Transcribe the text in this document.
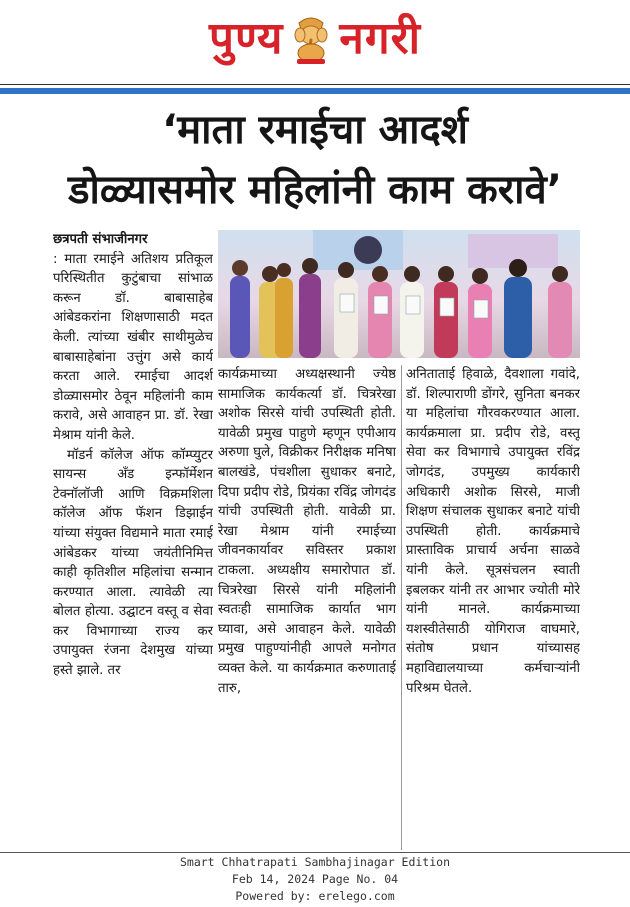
पुण्य नगरी
‘माता रमाईचा आदर्श
डोळ्यासमोर महिलांनी काम करावे’

छत्रपती संभाजीनगर
: माता रमाईने अतिशय प्रतिकूल परिस्थितीत कुटुंबाचा सांभाळ करून डॉ. बाबासाहेब आंबेडकरांना शिक्षणासाठी मदत केली. त्यांच्या खंबीर साथीमुळेच बाबासाहेबांना उत्तुंग असे कार्य करता आले. रमाईचा आदर्श डोळ्यासमोर ठेवून महिलांनी काम करावे, असे आवाहन प्रा. डॉ. रेखा मेश्राम यांनी केले.

मॉडर्न कॉलेज ऑफ कॉम्प्युटर सायन्स अँड इन्फॉर्मेशन टेक्नॉलॉजी आणि विक्रमशिला कॉलेज ऑफ फॅशन डिझाईन यांच्या संयुक्त विद्यमाने माता रमाई आंबेडकर यांच्या जयंतीनिमित्त काही कृतिशील महिलांचा सन्मान करण्यात आला. त्यावेळी त्या बोलत होत्या. उद्घाटन वस्तू व सेवा कर विभागाच्या राज्य कर उपायुक्त रंजना देशमुख यांच्या हस्ते झाले. तर

कार्यक्रमाच्या अध्यक्षस्थानी ज्येष्ठ सामाजिक कार्यकर्त्या डॉ. चित्ररेखा अशोक सिरसे यांची उपस्थिती होती. यावेळी प्रमुख पाहुणे म्हणून एपीआय अरुणा घुले, विक्रीकर निरीक्षक मनिषा बालखंडे, पंचशीला सुधाकर बनाटे, दिपा प्रदीप रोडे, प्रियंका रविंद्र जोगदंड यांची उपस्थिती होती. यावेळी प्रा. रेखा मेश्राम यांनी रमाईच्या जीवनकार्यावर सविस्तर प्रकाश टाकला. अध्यक्षीय समारोपात डॉ. चित्ररेखा सिरसे यांनी महिलांनी स्वतःही सामाजिक कार्यात भाग घ्यावा, असे आवाहन केले. यावेळी प्रमुख पाहुण्यांनीही आपले मनोगत व्यक्त केले. या कार्यक्रमात करुणाताई तारु,

अनिताताई हिवाळे, दैवशाला गवांदे, डॉ. शिल्पाराणी डोंगरे, सुनिता बनकर या महिलांचा गौरवकरण्यात आला. कार्यक्रमाला प्रा. प्रदीप रोडे, वस्तू सेवा कर विभागाचे उपायुक्त रविंद्र जोगदंड, उपमुख्य कार्यकारी अधिकारी अशोक सिरसे, माजी शिक्षण संचालक सुधाकर बनाटे यांची उपस्थिती होती. कार्यक्रमाचे प्रास्ताविक प्राचार्य अर्चना साळवे यांनी केले. सूत्रसंचलन स्वाती इबलकर यांनी तर आभार ज्योती मोरे यांनी मानले. कार्यक्रमाच्या यशस्वीतेसाठी योगिराज वाघमारे, संतोष प्रधान यांच्यासह महाविद्यालयाच्या कर्मचाऱ्यांनी परिश्रम घेतले.

Smart Chhatrapati Sambhajinagar Edition
Feb 14, 2024 Page No. 04
Powered by: erelego.com
